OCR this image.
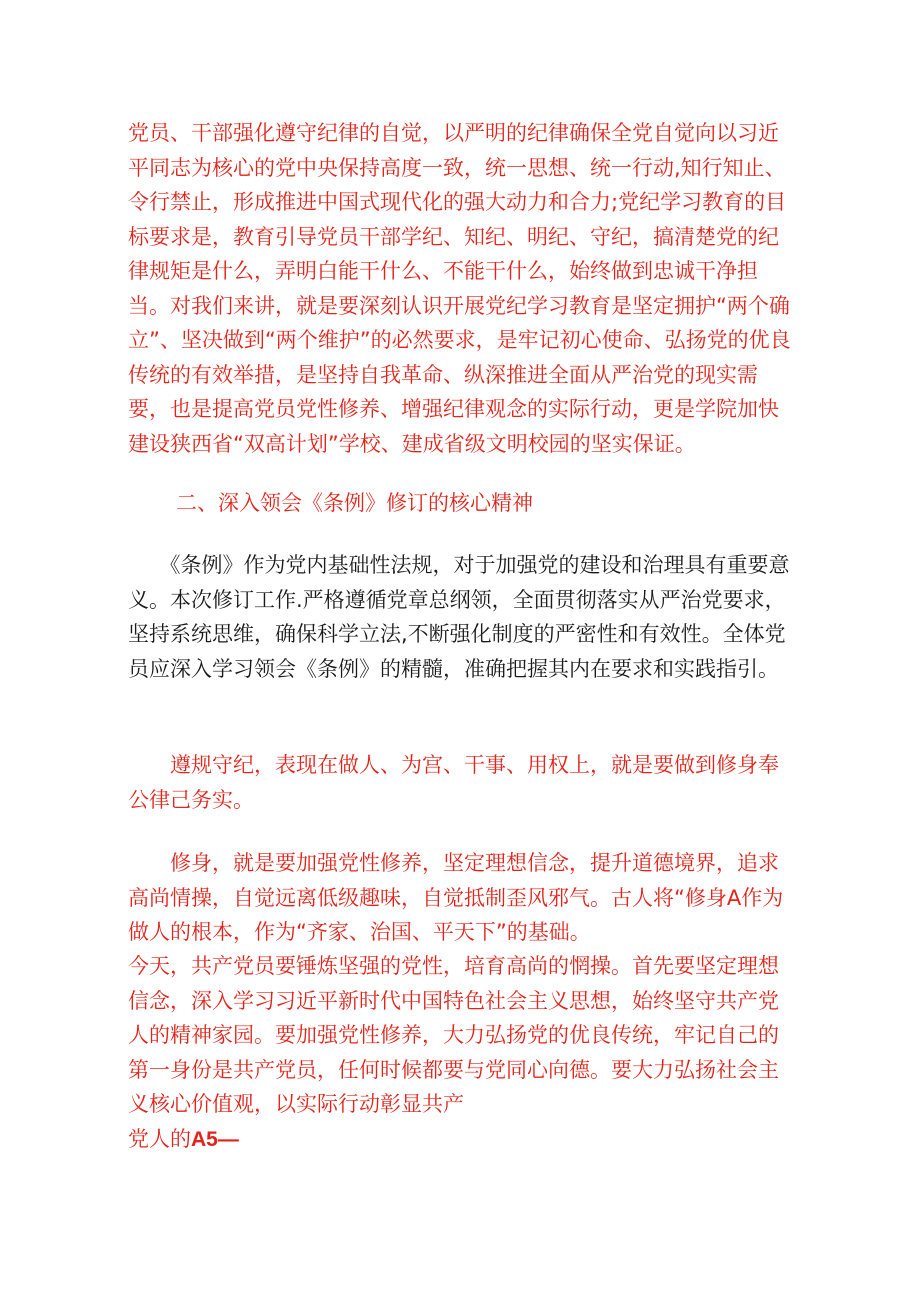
党员、干部强化遵守纪律的自觉，以严明的纪律确保全党自觉向以习近平同志为核心的党中央保持高度一致，统一思想、统一行动,知行知止、令行禁止，形成推进中国式现代化的强大动力和合力;党纪学习教育的目标要求是，教育引导党员干部学纪、知纪、明纪、守纪，搞清楚党的纪律规矩是什么，弄明白能干什么、不能干什么，始终做到忠诚干净担当。对我们来讲，就是要深刻认识开展党纪学习教育是坚定拥护“两个确立”、坚决做到“两个维护”的必然要求，是牢记初心使命、弘扬党的优良传统的有效举措，是坚持自我革命、纵深推进全面从严治党的现实需要，也是提高党员党性修养、增强纪律观念的实际行动，更是学院加快建设狭西省“双高计划”学校、建成省级文明校园的坚实保证。

二、深入领会《条例》修订的核心精神

　　《条例》作为党内基础性法规，对于加强党的建设和治理具有重要意义。本次修订工作.严格遵循党章总纲领，全面贯彻落实从严治党要求，坚持系统思维，确保科学立法,不断强化制度的严密性和有效性。全体党员应深入学习领会《条例》的精髓，准确把握其内在要求和实践指引。

　　遵规守纪，表现在做人、为宫、干事、用权上，就是要做到修身奉公律己务实。

　　修身，就是要加强党性修养，坚定理想信念，提升道德境界，追求高尚情操，自觉远离低级趣味，自觉抵制歪风邪气。古人将“修身A作为做人的根本，作为“齐家、治国、平天下”的基础。

今天，共产党员要锤炼坚强的党性，培育高尚的惘操。首先要坚定理想信念，深入学习习近平新时代中国特色社会主义思想，始终坚守共产党人的精神家园。要加强党性修养，大力弘扬党的优良传统，牢记自己的第一身份是共产党员，任何时候都要与党同心向德。要大力弘扬社会主义核心价值观，以实际行动彰显共产

党人的A5—
